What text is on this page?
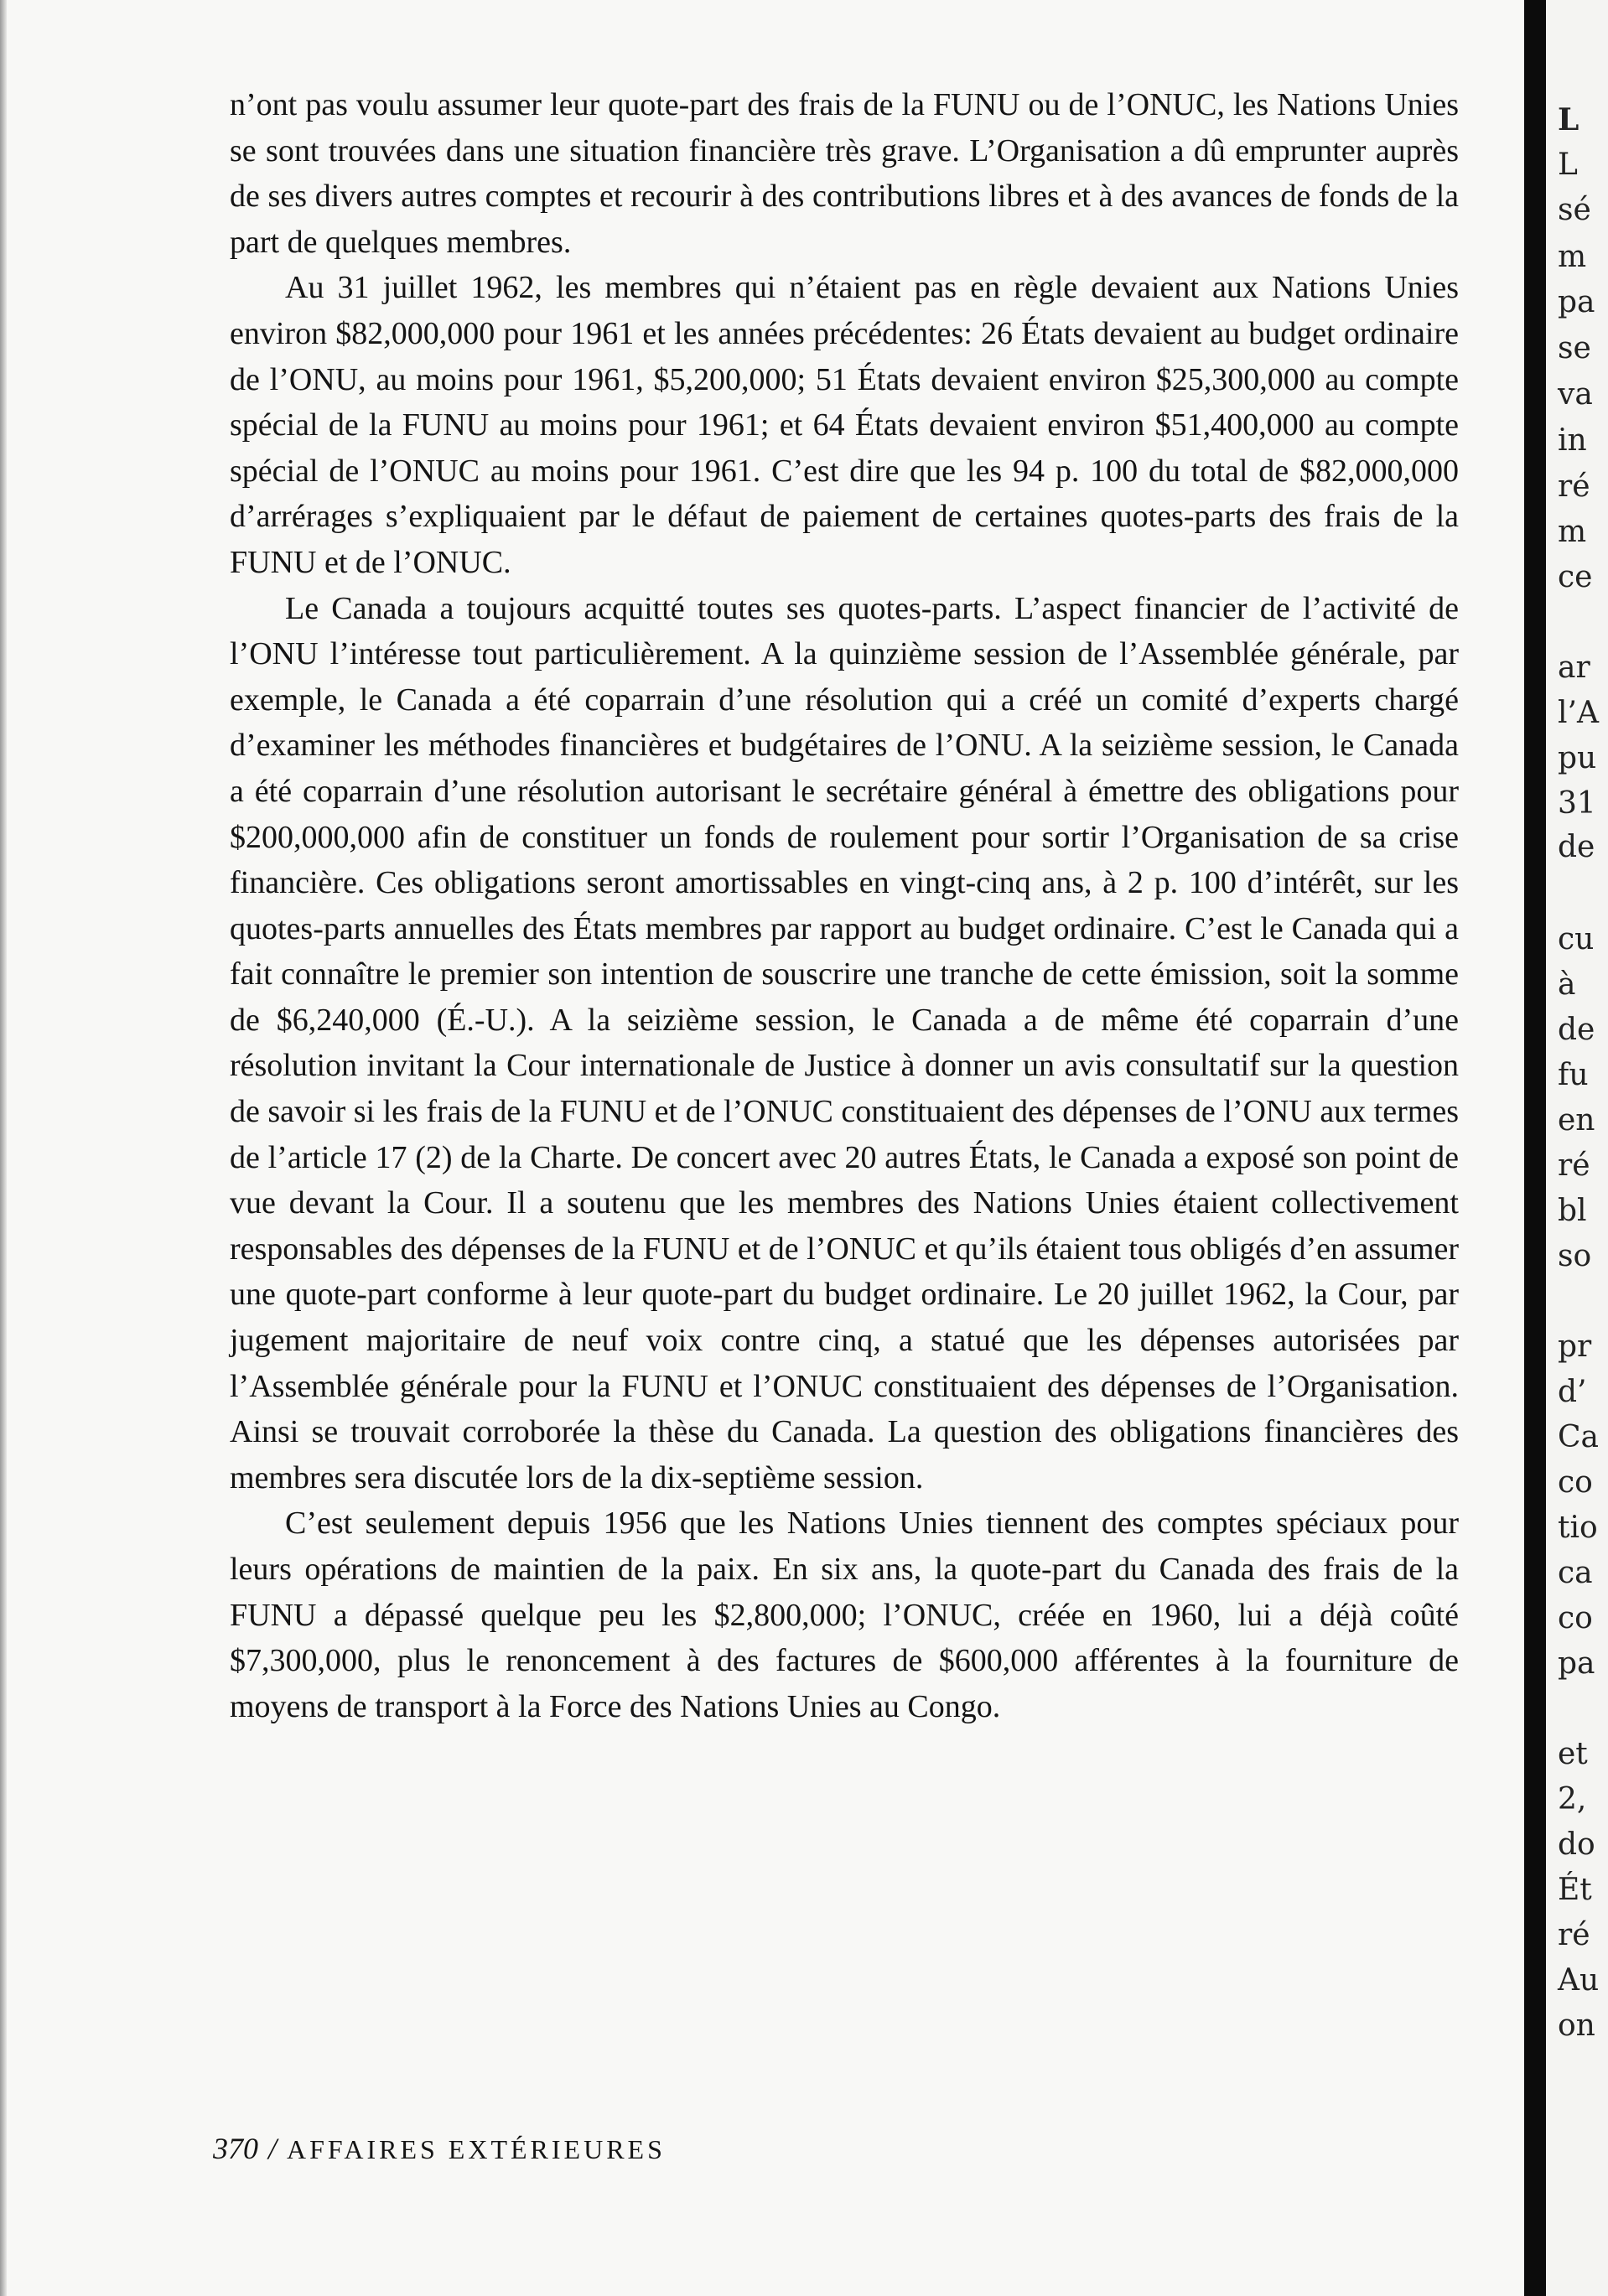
n’ont pas voulu assumer leur quote-part des frais de la FUNU ou de l’ONUC, les Nations Unies se sont trouvées dans une situation financière très grave. L’Organisation a dû emprunter auprès de ses divers autres comptes et recourir à des contributions libres et à des avances de fonds de la part de quelques membres.

Au 31 juillet 1962, les membres qui n’étaient pas en règle devaient aux Nations Unies environ $82,000,000 pour 1961 et les années précédentes: 26 États devaient au budget ordinaire de l’ONU, au moins pour 1961, $5,200,000; 51 États devaient environ $25,300,000 au compte spécial de la FUNU au moins pour 1961; et 64 États devaient environ $51,400,000 au compte spécial de l’ONUC au moins pour 1961. C’est dire que les 94 p. 100 du total de $82,000,000 d’arrérages s’expliquaient par le défaut de paiement de certaines quotes-parts des frais de la FUNU et de l’ONUC.

Le Canada a toujours acquitté toutes ses quotes-parts. L’aspect financier de l’activité de l’ONU l’intéresse tout particulièrement. A la quinzième session de l’Assemblée générale, par exemple, le Canada a été coparrain d’une résolution qui a créé un comité d’experts chargé d’examiner les méthodes financières et budgétaires de l’ONU. A la seizième session, le Canada a été coparrain d’une résolution autorisant le secrétaire général à émettre des obligations pour $200,000,000 afin de constituer un fonds de roulement pour sortir l’Organisation de sa crise financière. Ces obligations seront amortissables en vingt-cinq ans, à 2 p. 100 d’intérêt, sur les quotes-parts annuelles des États membres par rapport au budget ordinaire. C’est le Canada qui a fait connaître le premier son intention de souscrire une tranche de cette émission, soit la somme de $6,240,000 (É.-U.). A la seizième session, le Canada a de même été coparrain d’une résolution invitant la Cour internationale de Justice à donner un avis consultatif sur la question de savoir si les frais de la FUNU et de l’ONUC constituaient des dépenses de l’ONU aux termes de l’article 17 (2) de la Charte. De concert avec 20 autres États, le Canada a exposé son point de vue devant la Cour. Il a soutenu que les membres des Nations Unies étaient collectivement responsables des dépenses de la FUNU et de l’ONUC et qu’ils étaient tous obligés d’en assumer une quote-part conforme à leur quote-part du budget ordinaire. Le 20 juillet 1962, la Cour, par jugement majoritaire de neuf voix contre cinq, a statué que les dépenses autorisées par l’Assemblée générale pour la FUNU et l’ONUC constituaient des dépenses de l’Organisation. Ainsi se trouvait corroborée la thèse du Canada. La question des obligations financières des membres sera discutée lors de la dix-septième session.

C’est seulement depuis 1956 que les Nations Unies tiennent des comptes spéciaux pour leurs opérations de maintien de la paix. En six ans, la quote-part du Canada des frais de la FUNU a dépassé quelque peu les $2,800,000; l’ONUC, créée en 1960, lui a déjà coûté $7,300,000, plus le renoncement à des factures de $600,000 afférentes à la fourniture de moyens de transport à la Force des Nations Unies au Congo.

370 / AFFAIRES EXTÉRIEURES
L
L
sé
m
pa
se
va
in
ré
m
ce
ar
l’A
pu
31
de
cu
à
de
fu
en
ré
bl
so
pr
d’
Ca
co
tio
ca
co
pa
et
2,
do
Ét
ré
Au
on
